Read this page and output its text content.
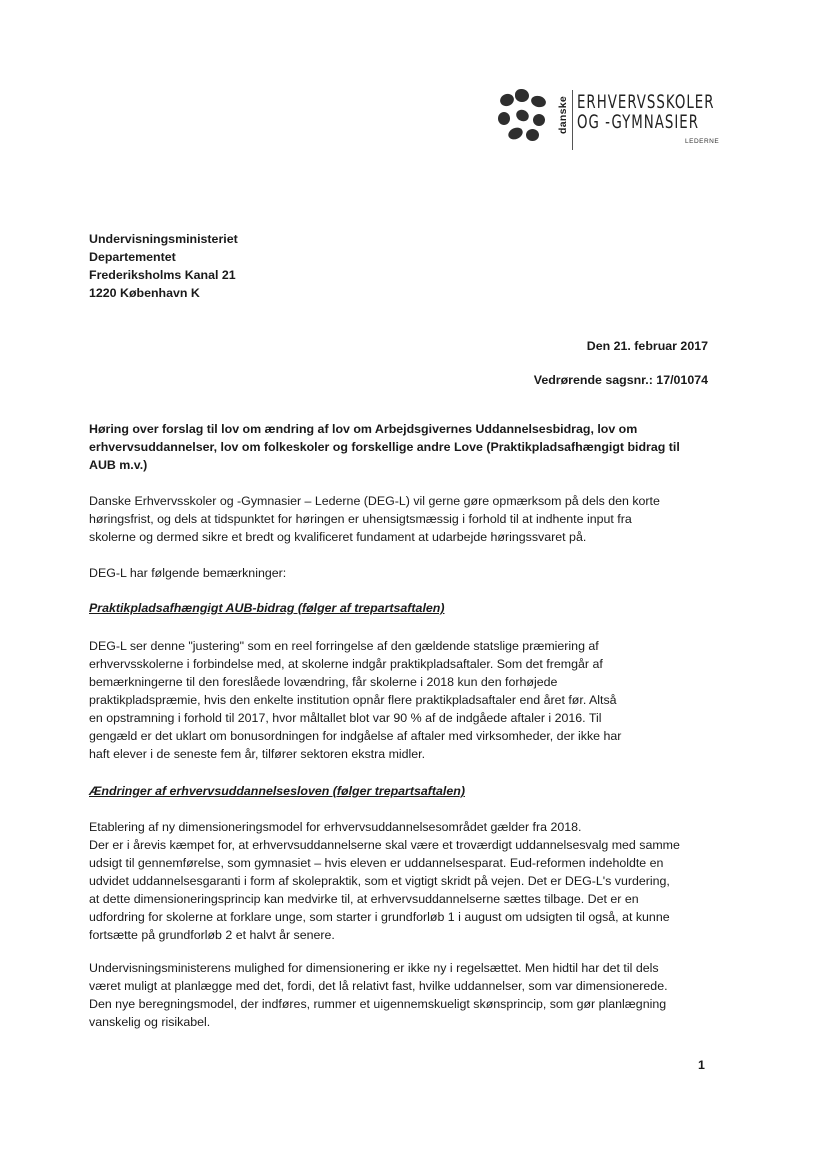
danske ERHVERVSSKOLER
OG -GYMNASIER
LEDERNE
Undervisningsministeriet
Departementet
Frederiksholms Kanal 21
1220 København K
Den 21. februar 2017
Vedrørende sagsnr.: 17/01074
Høring over forslag til lov om ændring af lov om Arbejdsgivernes Uddannelsesbidrag, lov om
erhvervsuddannelser, lov om folkeskoler og forskellige andre Love (Praktikpladsafhængigt bidrag til
AUB m.v.)
Danske Erhvervsskoler og -Gymnasier – Lederne (DEG-L) vil gerne gøre opmærksom på dels den korte
høringsfrist, og dels at tidspunktet for høringen er uhensigtsmæssig i forhold til at indhente input fra
skolerne og dermed sikre et bredt og kvalificeret fundament at udarbejde høringssvaret på.
DEG-L har følgende bemærkninger:
Praktikpladsafhængigt AUB-bidrag (følger af trepartsaftalen)
DEG-L ser denne "justering" som en reel forringelse af den gældende statslige præmiering af
erhvervsskolerne i forbindelse med, at skolerne indgår praktikpladsaftaler. Som det fremgår af
bemærkningerne til den foreslåede lovændring, får skolerne i 2018 kun den forhøjede
praktikpladspræmie, hvis den enkelte institution opnår flere praktikpladsaftaler end året før. Altså
en opstramning i forhold til 2017, hvor måltallet blot var 90 % af de indgåede aftaler i 2016. Til
gengæld er det uklart om bonusordningen for indgåelse af aftaler med virksomheder, der ikke har
haft elever i de seneste fem år, tilfører sektoren ekstra midler.
Ændringer af erhvervsuddannelsesloven (følger trepartsaftalen)
Etablering af ny dimensioneringsmodel for erhvervsuddannelsesområdet gælder fra 2018.
Der er i årevis kæmpet for, at erhvervsuddannelserne skal være et troværdigt uddannelsesvalg med samme
udsigt til gennemførelse, som gymnasiet – hvis eleven er uddannelsesparat. Eud-reformen indeholdte en
udvidet uddannelsesgaranti i form af skolepraktik, som et vigtigt skridt på vejen. Det er DEG-L's vurdering,
at dette dimensioneringsprincip kan medvirke til, at erhvervsuddannelserne sættes tilbage. Det er en
udfordring for skolerne at forklare unge, som starter i grundforløb 1 i august om udsigten til også, at kunne
fortsætte på grundforløb 2 et halvt år senere.
Undervisningsministerens mulighed for dimensionering er ikke ny i regelsættet. Men hidtil har det til dels
været muligt at planlægge med det, fordi, det lå relativt fast, hvilke uddannelser, som var dimensionerede.
Den nye beregningsmodel, der indføres, rummer et uigennemskueligt skønsprincip, som gør planlægning
vanskelig og risikabel.
1
